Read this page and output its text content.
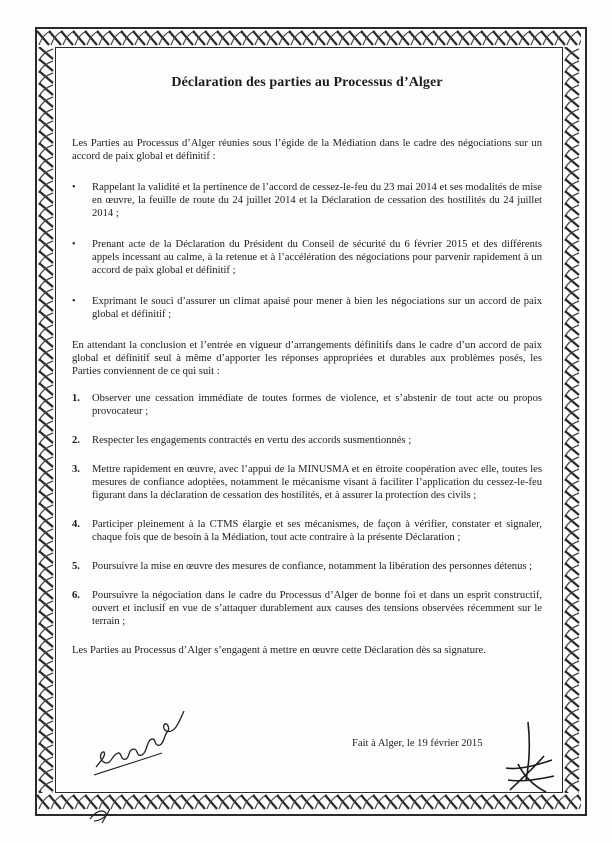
Déclaration des parties au Processus d’Alger

Les Parties au Processus d’Alger réunies sous l’égide de la Médiation dans le cadre des négociations sur un accord de paix global et définitif :

• Rappelant la validité et la pertinence de l’accord de cessez-le-feu du 23 mai 2014 et ses modalités de mise en œuvre, la feuille de route du 24 juillet 2014 et la Déclaration de cessation des hostilités du 24 juillet 2014 ;

• Prenant acte de la Déclaration du Président du Conseil de sécurité du 6 février 2015 et des différents appels incessant au calme, à la retenue et à l’accélération des négociations pour parvenir rapidement à un accord de paix global et définitif ;

• Exprimant le souci d’assurer un climat apaisé pour mener à bien les négociations sur un accord de paix global et définitif ;

En attendant la conclusion et l’entrée en vigueur d’arrangements définitifs dans le cadre d’un accord de paix global et définitif seul à même d’apporter les réponses appropriées et durables aux problèmes posés, les Parties conviennent de ce qui suit :

1. Observer une cessation immédiate de toutes formes de violence, et s’abstenir de tout acte ou propos provocateur ;

2. Respecter les engagements contractés en vertu des accords susmentionnés ;

3. Mettre rapidement en œuvre, avec l’appui de la MINUSMA et en étroite coopération avec elle, toutes les mesures de confiance adoptées, notamment le mécanisme visant à faciliter l’application du cessez-le-feu figurant dans la déclaration de cessation des hostilités, et à assurer la protection des civils ;

4. Participer pleinement à la CTMS élargie et ses mécanismes, de façon à vérifier, constater et signaler, chaque fois que de besoin à la Médiation, tout acte contraire à la présente Déclaration ;

5. Poursuivre la mise en œuvre des mesures de confiance, notamment la libération des personnes détenus ;

6. Poursuivre la négociation dans le cadre du Processus d’Alger de bonne foi et dans un esprit constructif, ouvert et inclusif en vue de s’attaquer durablement aux causes des tensions observées récemment sur le terrain ;

Les Parties au Processus d’Alger s’engagent à mettre en œuvre cette Déclaration dès sa signature.

Fait à Alger, le 19 février 2015
